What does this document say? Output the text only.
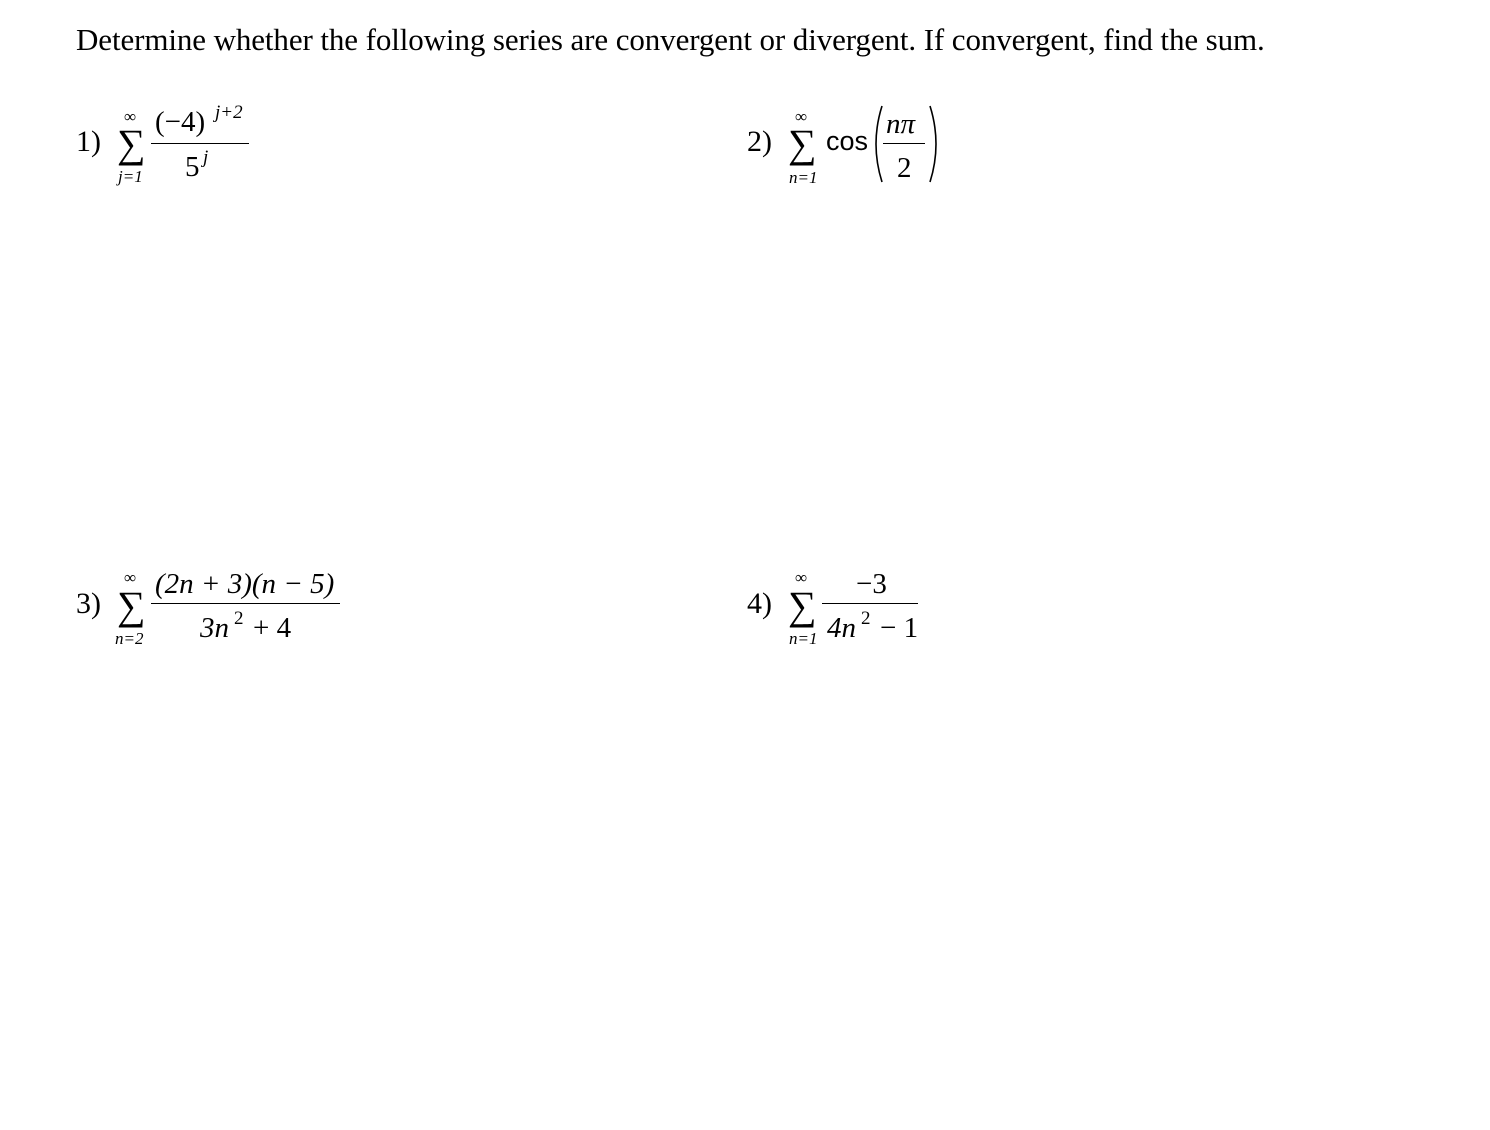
Determine whether the following series are convergent or divergent. If convergent, find the sum.
1)
∞
∑
j=1
(−4) j+2
5 j	2)
∞
∑
n=1
cos
nπ
2
3)
∞
∑
n=2
(2n + 3)(n − 5)
3n 2 + 4
4)
∞
∑
n=1
−3
4n 2 − 1
